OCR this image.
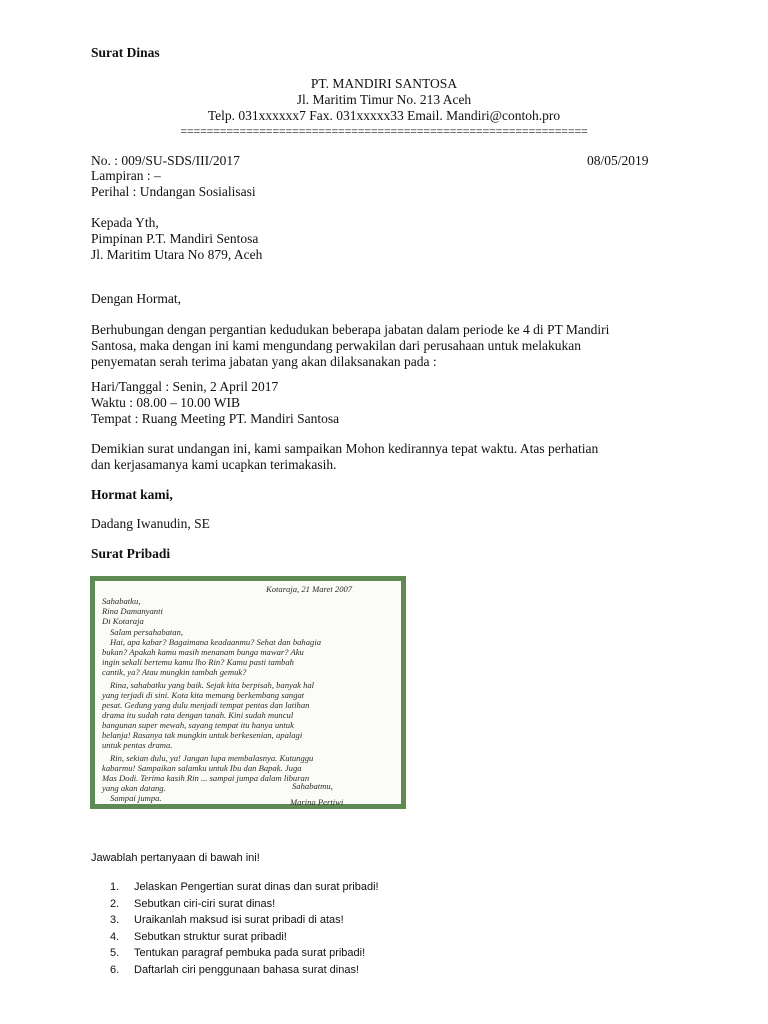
Surat Dinas
PT. MANDIRI SANTOSA
Jl. Maritim Timur No. 213 Aceh
Telp. 031xxxxxx7 Fax. 031xxxxx33 Email. Mandiri@contoh.pro
==============================================================
No. : 009/SU-SDS/III/2017	08/05/2019
Lampiran : –
Perihal : Undangan Sosialisasi
Kepada Yth,
Pimpinan P.T. Mandiri Sentosa
Jl. Maritim Utara No 879, Aceh
Dengan Hormat,
Berhubungan dengan pergantian kedudukan beberapa jabatan dalam periode ke 4 di PT Mandiri
Santosa, maka dengan ini kami mengundang perwakilan dari perusahaan untuk melakukan
penyematan serah terima jabatan yang akan dilaksanakan pada :
Hari/Tanggal : Senin, 2 April 2017
Waktu : 08.00 – 10.00 WIB
Tempat : Ruang Meeting PT. Mandiri Santosa
Demikian surat undangan ini, kami sampaikan Mohon kedirannya tepat waktu. Atas perhatian
dan kerjasamanya kami ucapkan terimakasih.
Hormat kami,
Dadang Iwanudin, SE
Surat Pribadi
Kotaraja, 21 Maret 2007
Sahabatku,
Rina Damanyanti
Di Kotaraja
Salam persahabatan,
Hai, apa kabar? Bagaimana keadaanmu? Sehat dan bahagia
bukan? Apakah kamu masih menanam bunga mawar? Aku
ingin sekali bertemu kamu lho Rin? Kamu pasti tambah
cantik, ya? Atau mungkin tambah gemuk?
Rina, sahabatku yang baik. Sejak kita berpisah, banyak hal
yang terjadi di sini. Kota kita memang berkembang sangat
pesat. Gedung yang dulu menjadi tempat pentas dan latihan
drama itu sudah rata dengan tanah. Kini sudah muncul
bangunan super mewah, sayang tempat itu hanya untuk
belanja! Rasanya tak mungkin untuk berkesenian, apalagi
untuk pentas drama.
Rin, sekian dulu, ya! Jangan lupa membalasnya. Kutunggu
kabarmu! Sampaikan salamku untuk Ibu dan Bapak. Juga
Mas Dodi. Terima kasih Rin ... sampai jumpa dalam liburan
yang akan datang.
Sampai jumpa.
Sahabatmu,
Marina Pertiwi
Jawablah pertanyaan di bawah ini!
1. Jelaskan Pengertian surat dinas dan surat pribadi!
2. Sebutkan ciri-ciri surat dinas!
3. Uraikanlah maksud isi surat pribadi di atas!
4. Sebutkan struktur surat pribadi!
5. Tentukan paragraf pembuka pada surat pribadi!
6. Daftarlah ciri penggunaan bahasa surat dinas!
